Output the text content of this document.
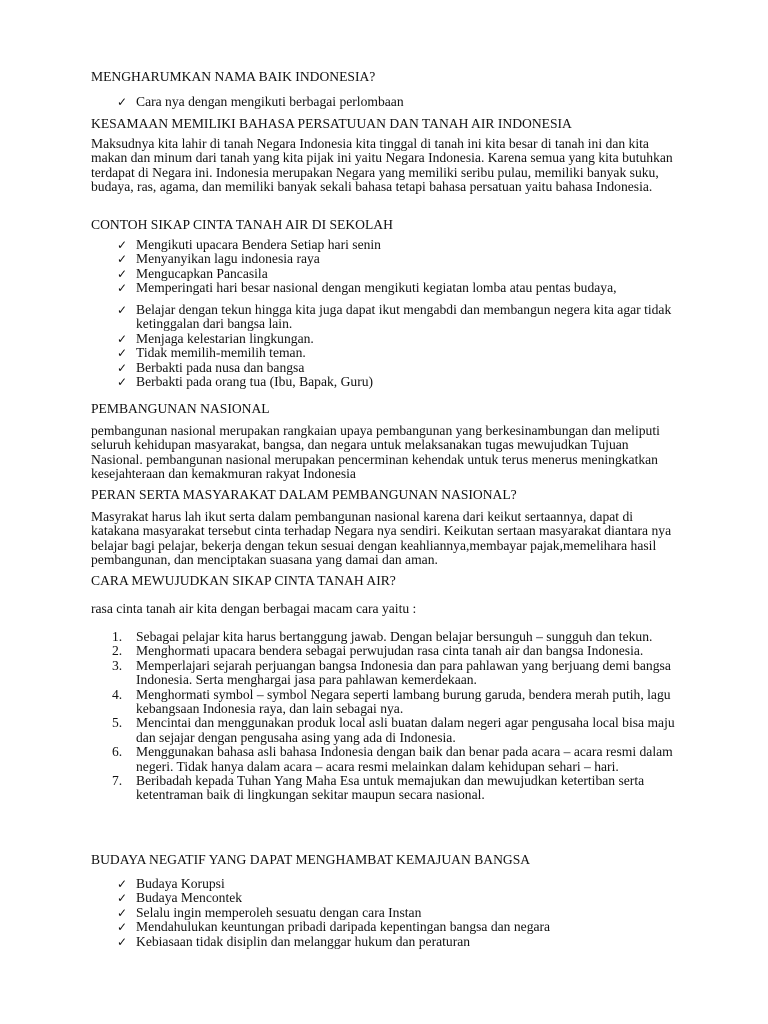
MENGHARUMKAN NAMA BAIK INDONESIA?
✓ Cara nya dengan mengikuti berbagai perlombaan
KESAMAAN MEMILIKI BAHASA PERSATUUAN DAN TANAH AIR INDONESIA

Maksudnya kita lahir di tanah Negara Indonesia kita tinggal di tanah ini kita besar di tanah ini dan kita makan dan minum dari tanah yang kita pijak ini yaitu Negara Indonesia. Karena semua yang kita butuhkan terdapat di Negara ini. Indonesia merupakan Negara yang memiliki seribu pulau, memiliki banyak suku, budaya, ras, agama, dan memiliki banyak sekali bahasa tetapi bahasa persatuan yaitu bahasa Indonesia.

CONTOH SIKAP CINTA TANAH AIR DI SEKOLAH
✓ Mengikuti upacara Bendera Setiap hari senin
✓ Menyanyikan lagu indonesia raya
✓ Mengucapkan Pancasila
✓ Memperingati hari besar nasional dengan mengikuti kegiatan lomba atau pentas budaya,
✓ Belajar dengan tekun hingga kita juga dapat ikut mengabdi dan membangun negera kita agar tidak ketinggalan dari bangsa lain.
✓ Menjaga kelestarian lingkungan.
✓ Tidak memilih-memilih teman.
✓ Berbakti pada nusa dan bangsa
✓ Berbakti pada orang tua (Ibu, Bapak, Guru)
PEMBANGUNAN NASIONAL

pembangunan nasional merupakan rangkaian upaya pembangunan yang berkesinambungan dan meliputi seluruh kehidupan masyarakat, bangsa, dan negara untuk melaksanakan tugas mewujudkan Tujuan Nasional. pembangunan nasional merupakan pencerminan kehendak untuk terus menerus meningkatkan kesejahteraan dan kemakmuran rakyat Indonesia

PERAN SERTA MASYARAKAT DALAM PEMBANGUNAN NASIONAL?

Masyrakat harus lah ikut serta dalam pembangunan nasional karena dari keikut sertaannya, dapat di katakana masyarakat tersebut cinta terhadap Negara nya sendiri. Keikutan sertaan masyarakat diantara nya belajar bagi pelajar, bekerja dengan tekun sesuai dengan keahliannya,membayar pajak,memelihara hasil pembangunan, dan menciptakan suasana yang damai dan aman.

CARA MEWUJUDKAN SIKAP CINTA TANAH AIR?

rasa cinta tanah air kita dengan berbagai macam cara yaitu :

1. Sebagai pelajar kita harus bertanggung jawab. Dengan belajar bersunguh – sungguh dan tekun.
2. Menghormati upacara bendera sebagai perwujudan rasa cinta tanah air dan bangsa Indonesia.
3. Memperlajari sejarah perjuangan bangsa Indonesia dan para pahlawan yang berjuang demi bangsa Indonesia. Serta menghargai jasa para pahlawan kemerdekaan.
4. Menghormati symbol – symbol Negara seperti lambang burung garuda, bendera merah putih, lagu kebangsaan Indonesia raya, dan lain sebagai nya.
5. Mencintai dan menggunakan produk local asli buatan dalam negeri agar pengusaha local bisa maju dan sejajar dengan pengusaha asing yang ada di Indonesia.
6. Menggunakan bahasa asli bahasa Indonesia dengan baik dan benar pada acara – acara resmi dalam negeri. Tidak hanya dalam acara – acara resmi melainkan dalam kehidupan sehari – hari.
7. Beribadah kepada Tuhan Yang Maha Esa untuk memajukan dan mewujudkan ketertiban serta ketentraman baik di lingkungan sekitar maupun secara nasional.
BUDAYA NEGATIF YANG DAPAT MENGHAMBAT KEMAJUAN BANGSA
✓ Budaya Korupsi
✓ Budaya Mencontek
✓ Selalu ingin memperoleh sesuatu dengan cara Instan
✓ Mendahulukan keuntungan pribadi daripada kepentingan bangsa dan negara
✓ Kebiasaan tidak disiplin dan melanggar hukum dan peraturan
